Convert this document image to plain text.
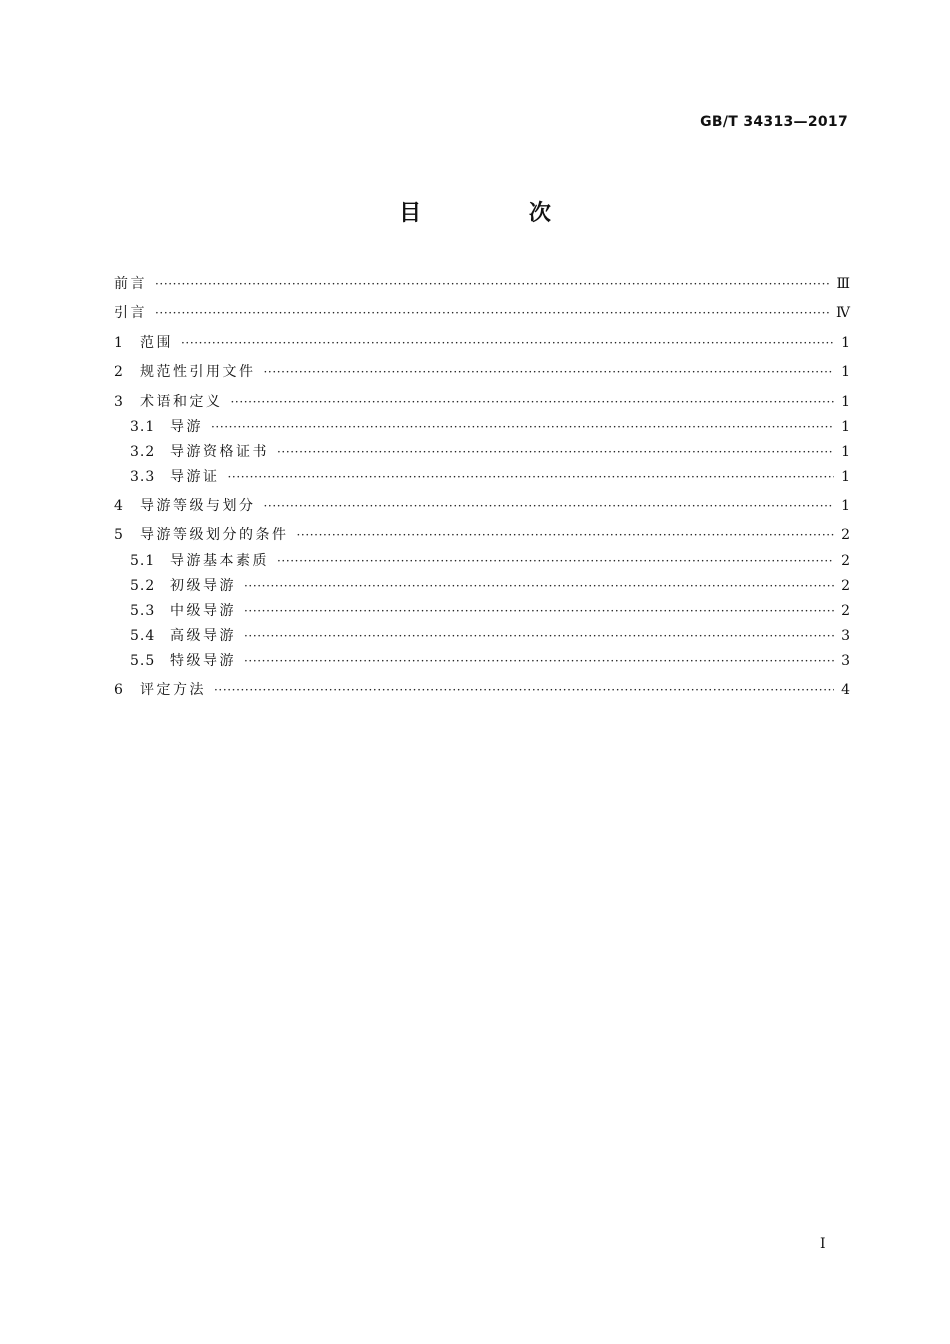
GB/T 34313—2017
目 次
前言 ·····	Ⅲ
引言 ·····	Ⅳ
1	范围 ·····	1
2	规范性引用文件 ·····	1
3	术语和定义 ·····	1
3.1	导游 ·····	1
3.2	导游资格证书 ·····	1
3.3	导游证 ·····	1
4	导游等级与划分 ·····	1
5	导游等级划分的条件 ·····	2
5.1	导游基本素质 ·····	2
5.2	初级导游 ·····	2
5.3	中级导游 ·····	2
5.4	高级导游 ·····	3
5.5	特级导游 ·····	3
6	评定方法 ·····	4
I
